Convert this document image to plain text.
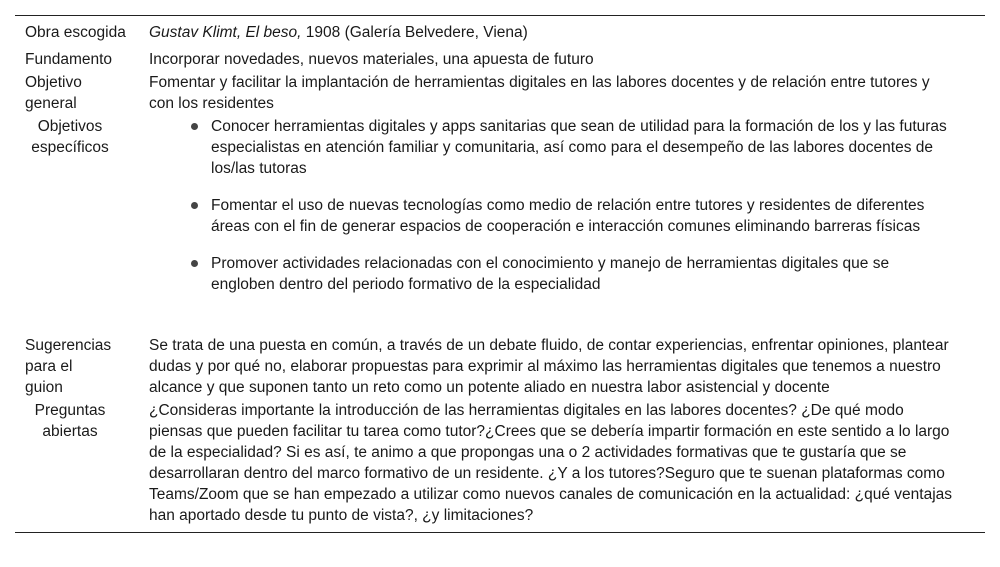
Obra escogida	Gustav Klimt, El beso, 1908 (Galería Belvedere, Viena)
Fundamento	Incorporar novedades, nuevos materiales, una apuesta de futuro
Objetivo
general
Fomentar y facilitar la implantación de herramientas digitales en las labores docentes y de relación entre tutores y con los residentes
Objetivos
específicos
Conocer herramientas digitales y apps sanitarias que sean de utilidad para la formación de los y las futuras especialistas en atención familiar y comunitaria, así como para el desempeño de las labores docentes de los/las tutoras
Fomentar el uso de nuevas tecnologías como medio de relación entre tutores y residentes de diferentes áreas con el fin de generar espacios de cooperación e interacción comunes eliminando barreras físicas
Promover actividades relacionadas con el conocimiento y manejo de herramientas digitales que se engloben dentro del periodo formativo de la especialidad
Sugerencias
para el
guion
Se trata de una puesta en común, a través de un debate fluido, de contar experiencias, enfrentar opiniones, plantear dudas y por qué no, elaborar propuestas para exprimir al máximo las herramientas digitales que tenemos a nuestro alcance y que suponen tanto un reto como un potente aliado en nuestra labor asistencial y docente
Preguntas
abiertas
¿Consideras importante la introducción de las herramientas digitales en las labores docentes? ¿De qué modo piensas que pueden facilitar tu tarea como tutor?¿Crees que se debería impartir formación en este sentido a lo largo de la especialidad? Si es así, te animo a que propongas una o 2 actividades formativas que te gustaría que se desarrollaran dentro del marco formativo de un residente. ¿Y a los tutores?Seguro que te suenan plataformas como Teams/Zoom que se han empezado a utilizar como nuevos canales de comunicación en la actualidad: ¿qué ventajas han aportado desde tu punto de vista?, ¿y limitaciones?
